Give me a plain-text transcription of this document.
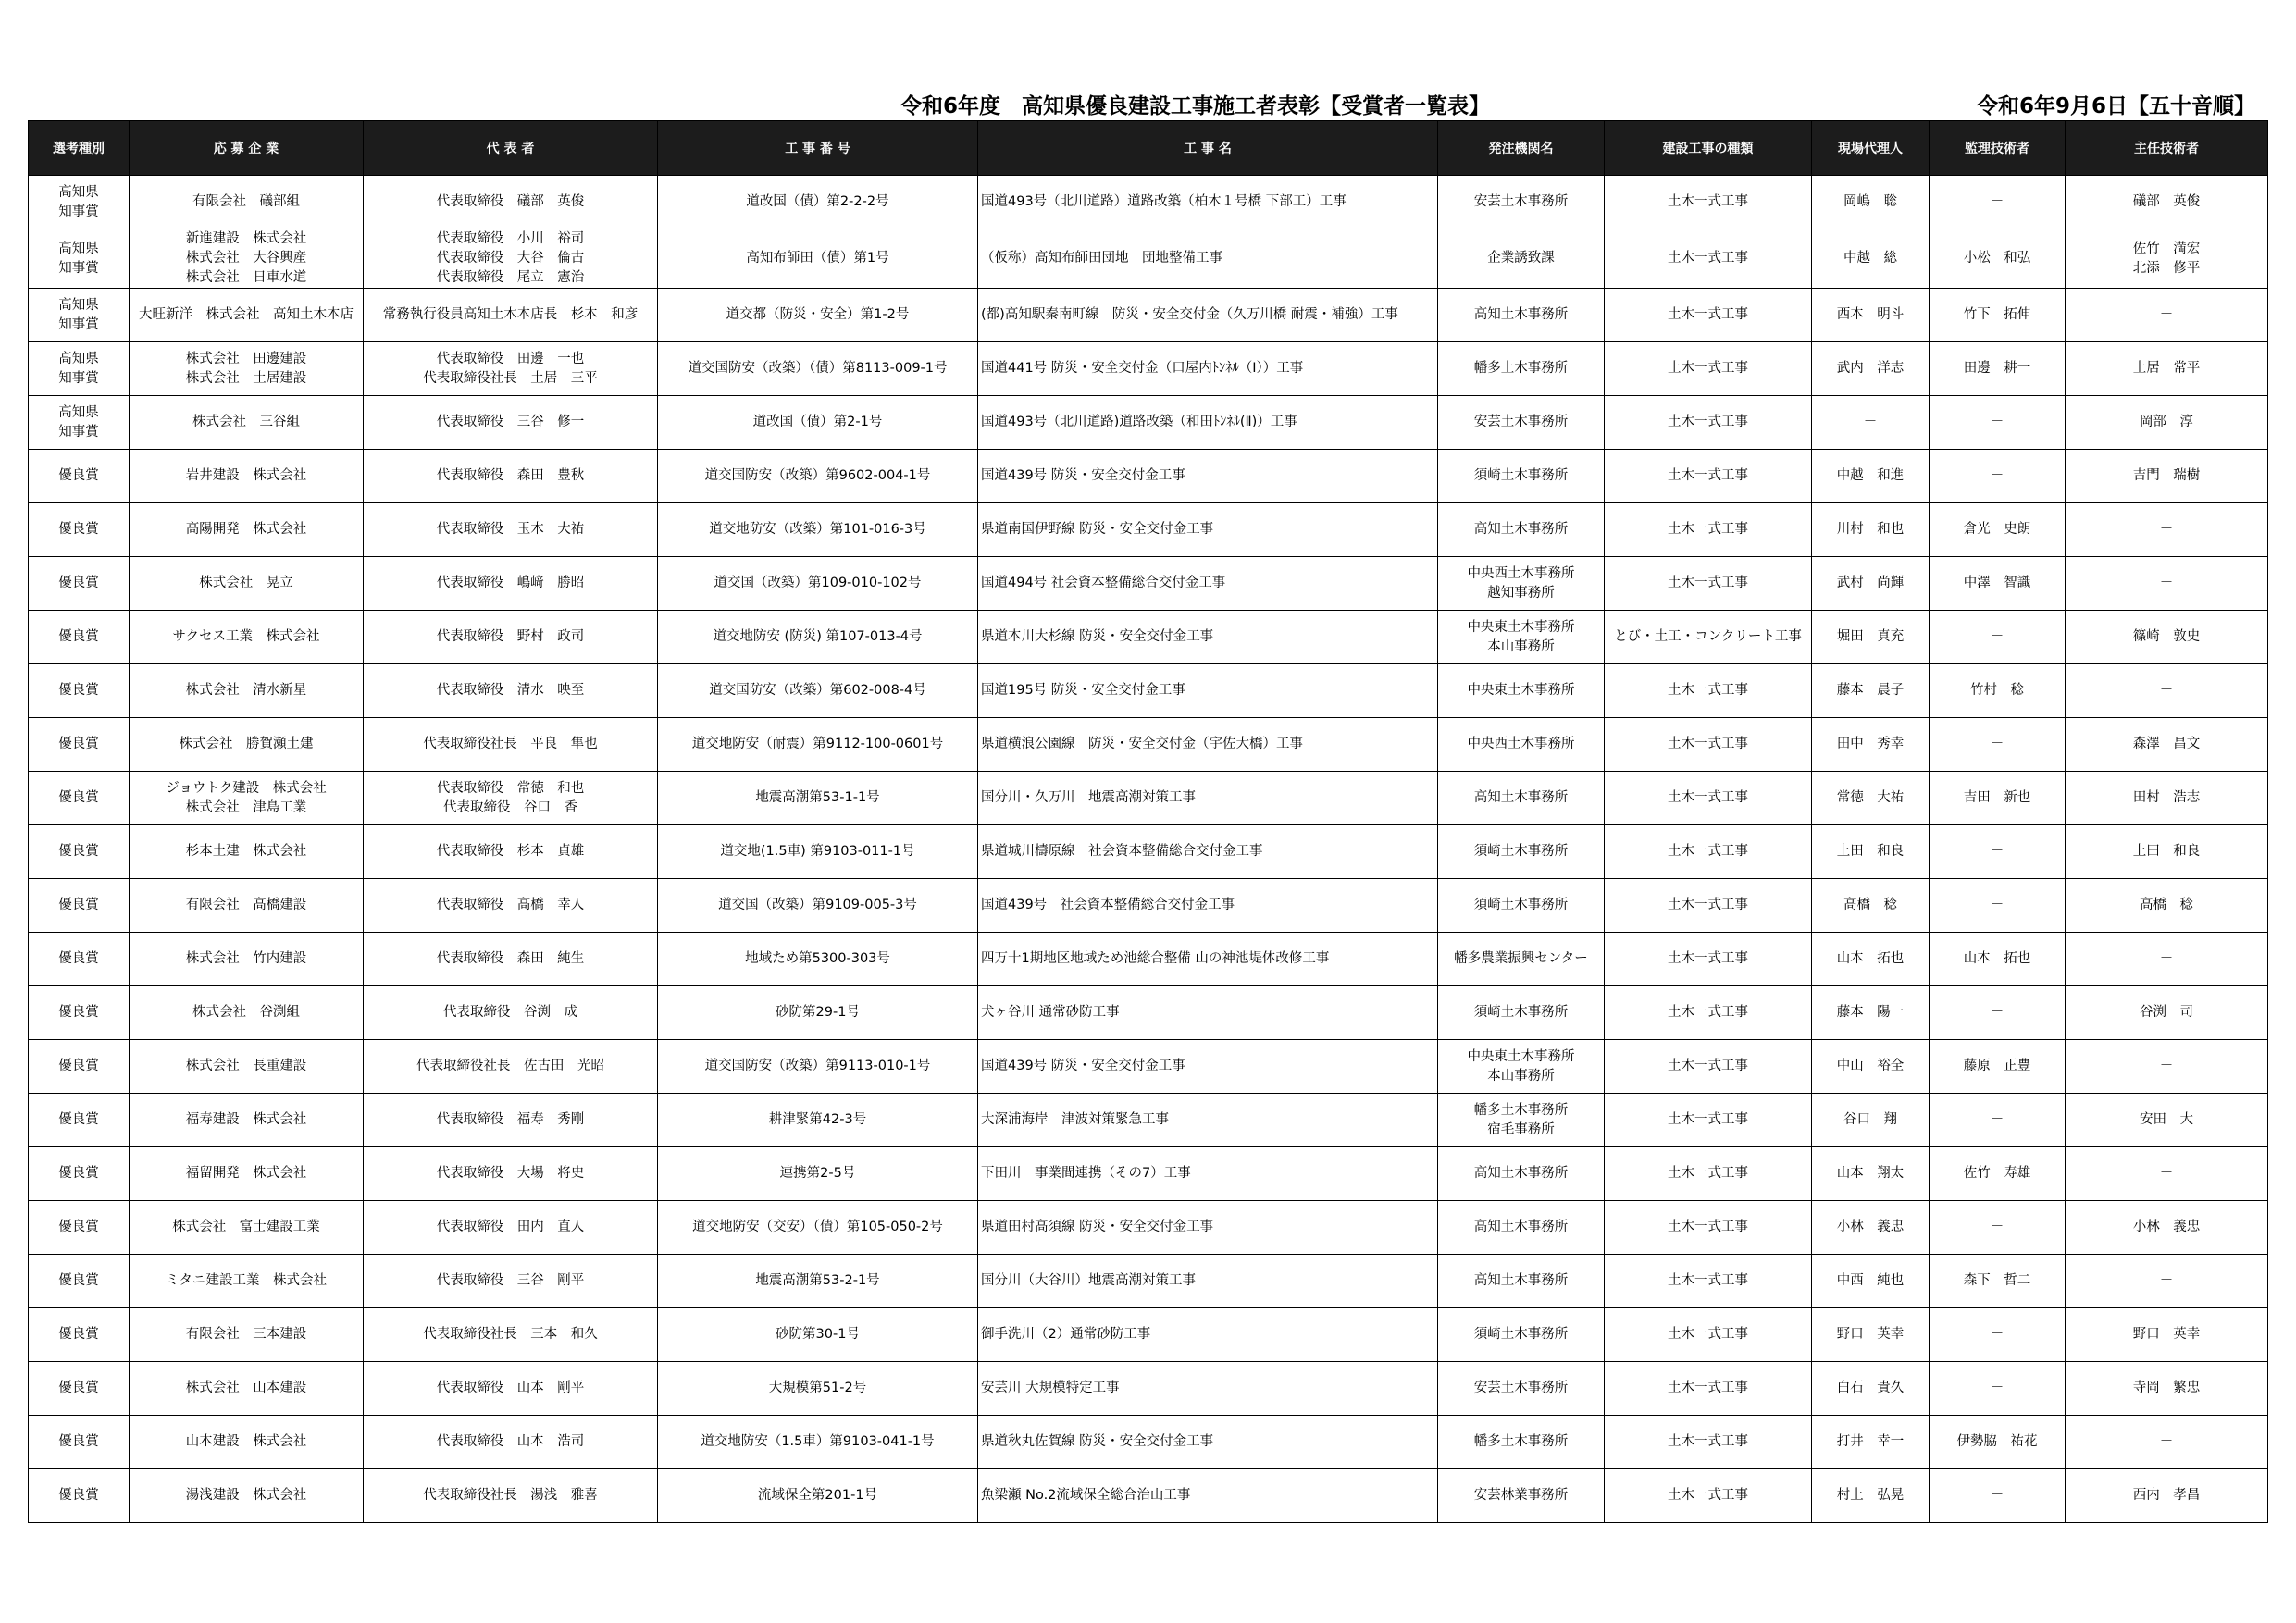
令和6年度　高知県優良建設工事施工者表彰【受賞者一覧表】	令和6年9月6日【五十音順】
選考種別	応 募 企 業	代 表 者	工 事 番 号	工 事 名	発注機関名	建設工事の種類	現場代理人	監理技術者	主任技術者

高知県
知事賞	有限会社　礒部組	代表取締役　礒部　英俊	道改国（債）第2-2-2号	国道493号（北川道路）道路改築（柏木１号橋 下部工）工事	安芸土木事務所	土木一式工事	岡嶋　聡	－	礒部　英俊

高知県
知事賞	新進建設　株式会社
株式会社　大谷興産
株式会社　日車水道	代表取締役　小川　裕司
代表取締役　大谷　倫古
代表取締役　尾立　憲治	高知布師田（債）第1号	（仮称）高知布師田団地　団地整備工事	企業誘致課	土木一式工事	中越　総	小松　和弘	佐竹　満宏
北添　修平

高知県
知事賞	大旺新洋　株式会社　高知土木本店	常務執行役員高知土木本店長　杉本　和彦	道交都（防災・安全）第1-2号	(都)高知駅秦南町線　防災・安全交付金（久万川橋 耐震・補強）工事	高知土木事務所	土木一式工事	西本　明斗	竹下　拓伸	－

高知県
知事賞	株式会社　田邊建設
株式会社　土居建設	代表取締役　田邊　一也
代表取締役社長　土居　三平	道交国防安（改築）（債）第8113-009-1号	国道441号 防災・安全交付金（口屋内ﾄﾝﾈﾙ（Ⅰ））工事	幡多土木事務所	土木一式工事	武内　洋志	田邊　耕一	土居　常平

高知県
知事賞	株式会社　三谷組	代表取締役　三谷　修一	道改国（債）第2-1号	国道493号（北川道路)道路改築（和田ﾄﾝﾈﾙ(Ⅱ)）工事	安芸土木事務所	土木一式工事	－	－	岡部　淳

優良賞	岩井建設　株式会社	代表取締役　森田　豊秋	道交国防安（改築）第9602-004-1号	国道439号 防災・安全交付金工事	須崎土木事務所	土木一式工事	中越　和進	－	吉門　瑞樹

優良賞	高陽開発　株式会社	代表取締役　玉木　大祐	道交地防安（改築）第101-016-3号	県道南国伊野線 防災・安全交付金工事	高知土木事務所	土木一式工事	川村　和也	倉光　史朗	－

優良賞	株式会社　晃立	代表取締役　嶋﨑　勝昭	道交国（改築）第109-010-102号	国道494号 社会資本整備総合交付金工事	中央西土木事務所
越知事務所	土木一式工事	武村　尚輝	中澤　智識	－

優良賞	サクセス工業　株式会社	代表取締役　野村　政司	道交地防安 (防災) 第107-013-4号	県道本川大杉線 防災・安全交付金工事	中央東土木事務所
本山事務所	とび・土工・コンクリート工事	堀田　真充	－	篠崎　敦史

優良賞	株式会社　清水新星	代表取締役　清水　映至	道交国防安（改築）第602-008-4号	国道195号 防災・安全交付金工事	中央東土木事務所	土木一式工事	藤本　晨子	竹村　稔	－

優良賞	株式会社　勝賀瀬土建	代表取締役社長　平良　隼也	道交地防安（耐震）第9112-100-0601号	県道横浪公園線　防災・安全交付金（宇佐大橋）工事	中央西土木事務所	土木一式工事	田中　秀幸	－	森澤　昌文

優良賞	ジョウトク建設　株式会社
株式会社　津島工業	代表取締役　常徳　和也
代表取締役　谷口　香	地震高潮第53-1-1号	国分川・久万川　地震高潮対策工事	高知土木事務所	土木一式工事	常徳　大祐	吉田　新也	田村　浩志

優良賞	杉本土建　株式会社	代表取締役　杉本　貞雄	道交地(1.5車) 第9103-011-1号	県道城川檮原線　社会資本整備総合交付金工事	須崎土木事務所	土木一式工事	上田　和良	－	上田　和良

優良賞	有限会社　高橋建設	代表取締役　高橋　幸人	道交国（改築）第9109-005-3号	国道439号　社会資本整備総合交付金工事	須崎土木事務所	土木一式工事	高橋　稔	－	高橋　稔

優良賞	株式会社　竹内建設	代表取締役　森田　純生	地域ため第5300-303号	四万十1期地区地域ため池総合整備 山の神池堤体改修工事	幡多農業振興センター	土木一式工事	山本　拓也	山本　拓也	－

優良賞	株式会社　谷渕組	代表取締役　谷渕　成	砂防第29-1号	犬ヶ谷川 通常砂防工事	須崎土木事務所	土木一式工事	藤本　陽一	－	谷渕　司

優良賞	株式会社　長重建設	代表取締役社長　佐古田　光昭	道交国防安（改築）第9113-010-1号	国道439号 防災・安全交付金工事	中央東土木事務所
本山事務所	土木一式工事	中山　裕全	藤原　正豊	－

優良賞	福寿建設　株式会社	代表取締役　福寿　秀剛	耕津緊第42-3号	大深浦海岸　津波対策緊急工事	幡多土木事務所
宿毛事務所	土木一式工事	谷口　翔	－	安田　大

優良賞	福留開発　株式会社	代表取締役　大場　将史	連携第2-5号	下田川　事業間連携（その7）工事	高知土木事務所	土木一式工事	山本　翔太	佐竹　寿雄	－

優良賞	株式会社　富士建設工業	代表取締役　田内　直人	道交地防安（交安）（債）第105-050-2号	県道田村高須線 防災・安全交付金工事	高知土木事務所	土木一式工事	小林　義忠	－	小林　義忠

優良賞	ミタニ建設工業　株式会社	代表取締役　三谷　剛平	地震高潮第53-2-1号	国分川（大谷川）地震高潮対策工事	高知土木事務所	土木一式工事	中西　純也	森下　哲二	－

優良賞	有限会社　三本建設	代表取締役社長　三本　和久	砂防第30-1号	御手洗川（2）通常砂防工事	須崎土木事務所	土木一式工事	野口　英幸	－	野口　英幸

優良賞	株式会社　山本建設	代表取締役　山本　剛平	大規模第51-2号	安芸川 大規模特定工事	安芸土木事務所	土木一式工事	白石　貴久	－	寺岡　繁忠

優良賞	山本建設　株式会社	代表取締役　山本　浩司	道交地防安（1.5車）第9103-041-1号	県道秋丸佐賀線 防災・安全交付金工事	幡多土木事務所	土木一式工事	打井　幸一	伊勢脇　祐花	－

優良賞	湯浅建設　株式会社	代表取締役社長　湯浅　雅喜	流域保全第201-1号	魚梁瀬 No.2流域保全総合治山工事	安芸林業事務所	土木一式工事	村上　弘晃	－	西内　孝昌
